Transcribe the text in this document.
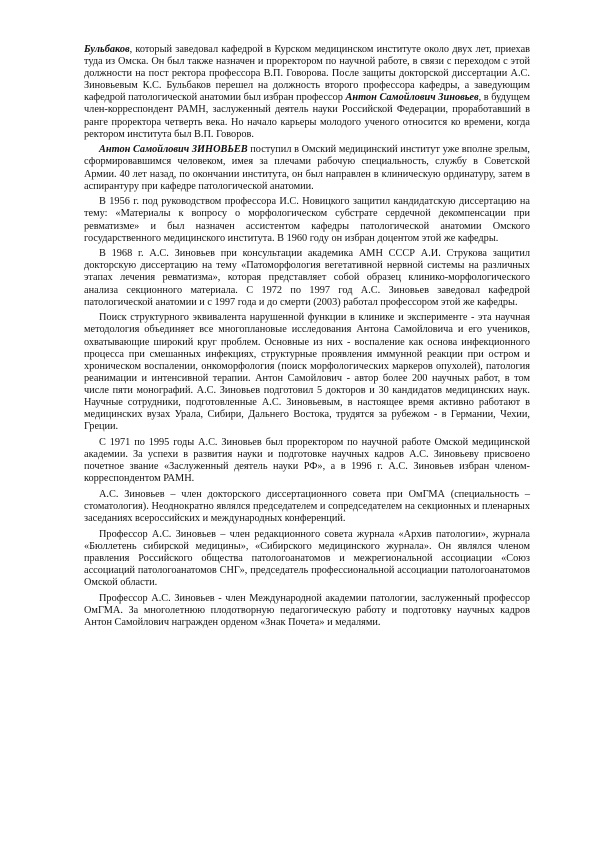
Бульбаков, который заведовал кафедрой в Курском медицинском институте около двух лет, приехав туда из Омска. Он был также назначен и проректором по научной работе, в связи с переходом с этой должности на пост ректора профессора В.П. Говорова. После защиты докторской диссертации А.С. Зиновьевым К.С. Бульбаков перешел на должность второго профессора кафедры, а заведующим кафедрой патологической анатомии был избран профессор Антон Самойлович Зиновьев, в будущем член-корреспондент РАМН, заслуженный деятель науки Российской Федерации, проработавший в ранге проректора четверть века. Но начало карьеры молодого ученого относится ко времени, когда ректором института был В.П. Говоров.

Антон Самойлович ЗИНОВЬЕВ поступил в Омский медицинский институт уже вполне зрелым, сформировавшимся человеком, имея за плечами рабочую специальность, службу в Советской Армии. 40 лет назад, по окончании института, он был направлен в клиническую ординатуру, затем в аспирантуру при кафедре патологической анатомии.

В 1956 г. под руководством профессора И.С. Новицкого защитил кандидатскую диссертацию на тему: «Материалы к вопросу о морфологическом субстрате сердечной декомпенсации при ревматизме» и был назначен ассистентом кафедры патологической анатомии Омского государственного медицинского института. В 1960 году он избран доцентом этой же кафедры.

В 1968 г. А.С. Зиновьев при консультации академика АМН СССР А.И. Струкова защитил докторскую диссертацию на тему «Патоморфология вегетативной нервной системы на различных этапах лечения ревматизма», которая представляет собой образец клинико-морфологического анализа секционного материала. С 1972 по 1997 год А.С. Зиновьев заведовал кафедрой патологической анатомии и с 1997 года и до смерти (2003) работал профессором этой же кафедры.

Поиск структурного эквивалента нарушенной функции в клинике и эксперименте - эта научная методология объединяет все многоплановые исследования Антона Самойловича и его учеников, охватывающие широкий круг проблем. Основные из них - воспаление как основа инфекционного процесса при смешанных инфекциях, структурные проявления иммунной реакции при остром и хроническом воспалении, онкоморфология (поиск морфологических маркеров опухолей), патология реанимации и интенсивной терапии. Антон Самойлович - автор более 200 научных работ, в том числе пяти монографий. А.С. Зиновьев подготовил 5 докторов и 30 кандидатов медицинских наук. Научные сотрудники, подготовленные А.С. Зиновьевым, в настоящее время активно работают в медицинских вузах Урала, Сибири, Дальнего Востока, трудятся за рубежом - в Германии, Чехии, Греции.

С 1971 по 1995 годы А.С. Зиновьев был проректором по научной работе Омской медицинской академии. За успехи в развития науки и подготовке научных кадров А.С. Зиновьеву присвоено почетное звание «Заслуженный деятель науки РФ», а в 1996 г. А.С. Зиновьев избран членом-корреспондентом РАМН.

А.С. Зиновьев – член докторского диссертационного совета при ОмГМА (специальность – стоматология). Неоднократно являлся председателем и сопредседателем на секционных и пленарных заседаниях всероссийских и международных конференций.

Профессор А.С. Зиновьев – член редакционного совета журнала «Архив патологии», журнала «Бюллетень сибирской медицины», «Сибирского медицинского журнала». Он являлся членом правления Российского общества патологоанатомов и межрегиональной ассоциации «Союз ассоциаций патологоанатомов СНГ», председатель профессиональной ассоциации патологоанатомов Омской области.

Профессор А.С. Зиновьев - член Международной академии патологии, заслуженный профессор ОмГМА. За многолетнюю плодотворную педагогическую работу и подготовку научных кадров Антон Самойлович награжден орденом «Знак Почета» и медалями.
